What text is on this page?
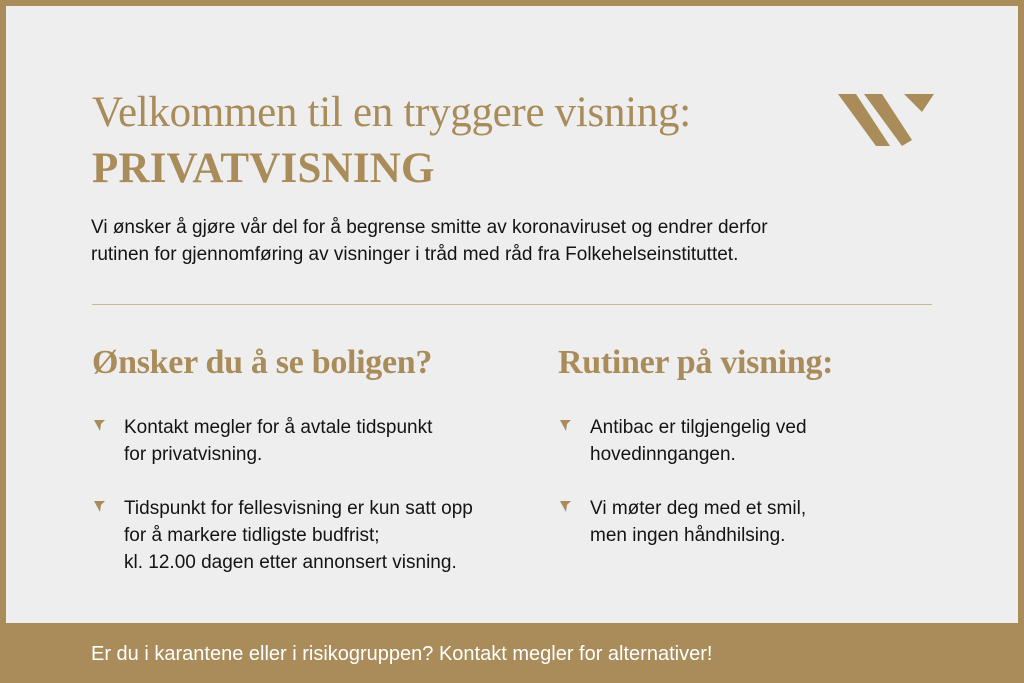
Velkommen til en tryggere visning:
PRIVATVISNING

Vi ønsker å gjøre vår del for å begrense smitte av koronaviruset og endrer derfor
rutinen for gjennomføring av visninger i tråd med råd fra Folkehelseinstituttet.

Ønsker du å se boligen?
Kontakt megler for å avtale tidspunkt
for privatvisning.
Tidspunkt for fellesvisning er kun satt opp
for å markere tidligste budfrist;
kl. 12.00 dagen etter annonsert visning.
Rutiner på visning:
Antibac er tilgjengelig ved
hovedinngangen.
Vi møter deg med et smil,
men ingen håndhilsing.

Er du i karantene eller i risikogruppen? Kontakt megler for alternativer!
